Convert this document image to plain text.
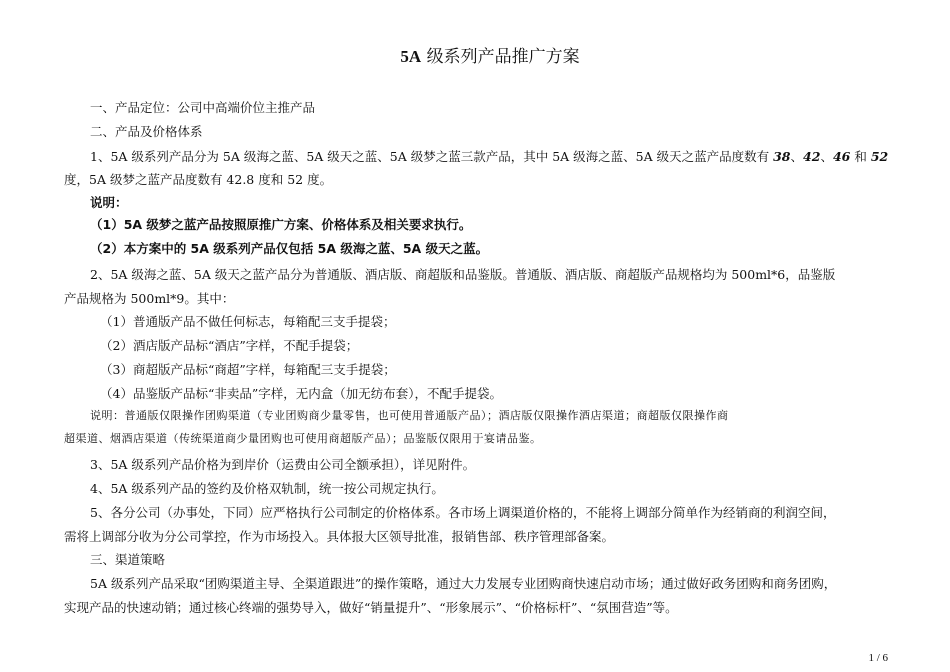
5A 级系列产品推广方案
一、产品定位：公司中高端价位主推产品
二、产品及价格体系
1、5A 级系列产品分为 5A 级海之蓝、5A 级天之蓝、5A 级梦之蓝三款产品，其中 5A 级海之蓝、5A 级天之蓝产品度数有 38、42、46 和 52
度，5A 级梦之蓝产品度数有 42.8 度和 52 度。
说明：
（1）5A 级梦之蓝产品按照原推广方案、价格体系及相关要求执行。
（2）本方案中的 5A 级系列产品仅包括 5A 级海之蓝、5A 级天之蓝。
2、5A 级海之蓝、5A 级天之蓝产品分为普通版、酒店版、商超版和品鉴版。普通版、酒店版、商超版产品规格均为 500ml*6，品鉴版
产品规格为 500ml*9。其中：
（1）普通版产品不做任何标志，每箱配三支手提袋；
（2）酒店版产品标“酒店”字样，不配手提袋；
（3）商超版产品标“商超”字样，每箱配三支手提袋；
（4）品鉴版产品标“非卖品”字样，无内盒（加无纺布套），不配手提袋。
说明：普通版仅限操作团购渠道（专业团购商少量零售，也可使用普通版产品）；酒店版仅限操作酒店渠道；商超版仅限操作商
超渠道、烟酒店渠道（传统渠道商少量团购也可使用商超版产品）；品鉴版仅限用于宴请品鉴。
3、5A 级系列产品价格为到岸价（运费由公司全额承担），详见附件。
4、5A 级系列产品的签约及价格双轨制，统一按公司规定执行。
5、各分公司（办事处，下同）应严格执行公司制定的价格体系。各市场上调渠道价格的，不能将上调部分简单作为经销商的利润空间，
需将上调部分收为分公司掌控，作为市场投入。具体报大区领导批准，报销售部、秩序管理部备案。
三、渠道策略
5A 级系列产品采取“团购渠道主导、全渠道跟进”的操作策略，通过大力发展专业团购商快速启动市场；通过做好政务团购和商务团购，
实现产品的快速动销；通过核心终端的强势导入，做好“销量提升”、“形象展示”、“价格标杆”、“氛围营造”等。
1 / 6
